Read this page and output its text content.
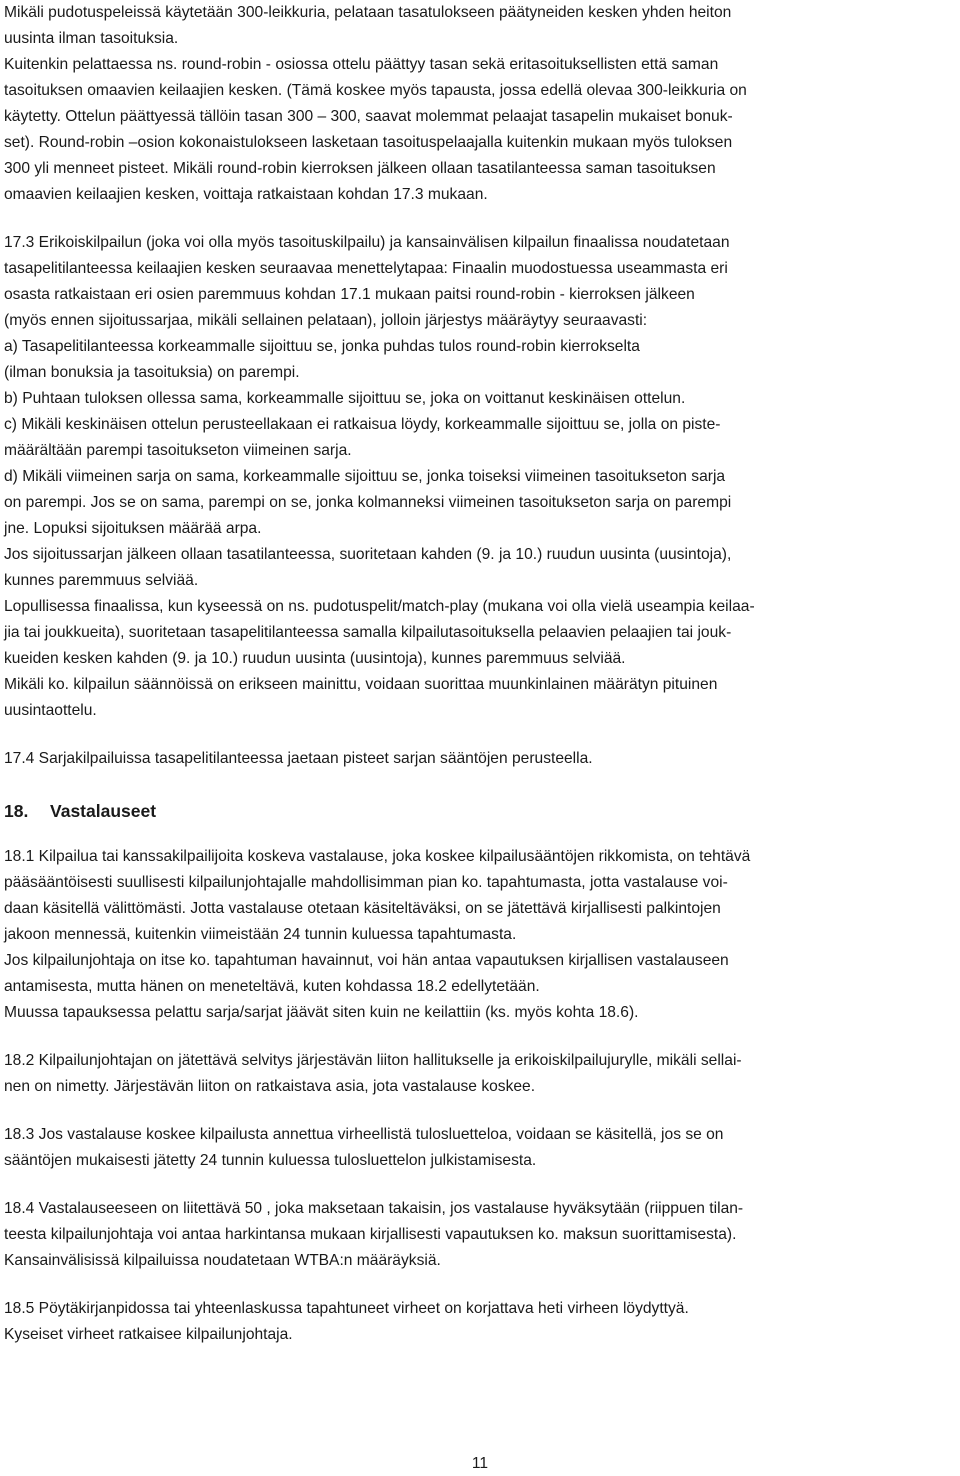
Mikäli pudotuspeleissä käytetään 300-leikkuria, pelataan tasatulokseen päätyneiden kesken yhden heiton
uusinta ilman tasoituksia.
Kuitenkin pelattaessa ns. round-robin - osiossa ottelu päättyy tasan sekä eritasoituksellisten että saman
tasoituksen omaavien keilaajien kesken. (Tämä koskee myös tapausta, jossa edellä olevaa 300-leikkuria on
käytetty. Ottelun päättyessä tällöin tasan 300 – 300, saavat molemmat pelaajat tasapelin mukaiset bonuk-
set). Round-robin –osion kokonaistulokseen lasketaan tasoituspelaajalla kuitenkin mukaan myös tuloksen
300 yli menneet pisteet. Mikäli round-robin kierroksen jälkeen ollaan tasatilanteessa saman tasoituksen
omaavien keilaajien kesken, voittaja ratkaistaan kohdan 17.3 mukaan.
17.3 Erikoiskilpailun (joka voi olla myös tasoituskilpailu) ja kansainvälisen kilpailun finaalissa noudatetaan
tasapelitilanteessa keilaajien kesken seuraavaa menettelytapaa: Finaalin muodostuessa useammasta eri
osasta ratkaistaan eri osien paremmuus kohdan 17.1 mukaan paitsi round-robin - kierroksen jälkeen
(myös ennen sijoitussarjaa, mikäli sellainen pelataan), jolloin järjestys määräytyy seuraavasti:
a) Tasapelitilanteessa korkeammalle sijoittuu se, jonka puhdas tulos round-robin kierrokselta
(ilman bonuksia ja tasoituksia) on parempi.
b) Puhtaan tuloksen ollessa sama, korkeammalle sijoittuu se, joka on voittanut keskinäisen ottelun.
c) Mikäli keskinäisen ottelun perusteellakaan ei ratkaisua löydy, korkeammalle sijoittuu se, jolla on piste-
määrältään parempi tasoitukseton viimeinen sarja.
d) Mikäli viimeinen sarja on sama, korkeammalle sijoittuu se, jonka toiseksi viimeinen tasoitukseton sarja
on parempi. Jos se on sama, parempi on se, jonka kolmanneksi viimeinen tasoitukseton sarja on parempi
jne. Lopuksi sijoituksen määrää arpa.
Jos sijoitussarjan jälkeen ollaan tasatilanteessa, suoritetaan kahden (9. ja 10.) ruudun uusinta (uusintoja),
kunnes paremmuus selviää.
Lopullisessa finaalissa, kun kyseessä on ns. pudotuspelit/match-play (mukana voi olla vielä useampia keilaa-
jia tai joukkueita), suoritetaan tasapelitilanteessa samalla kilpailutasoituksella pelaavien pelaajien tai jouk-
kueiden kesken kahden (9. ja 10.) ruudun uusinta (uusintoja), kunnes paremmuus selviää.
Mikäli ko. kilpailun säännöissä on erikseen mainittu, voidaan suorittaa muunkinlainen määrätyn pituinen
uusintaottelu.
17.4 Sarjakilpailuissa tasapelitilanteessa jaetaan pisteet sarjan sääntöjen perusteella.
18. Vastalauseet
18.1 Kilpailua tai kanssakilpailijoita koskeva vastalause, joka koskee kilpailusääntöjen rikkomista, on tehtävä
pääsääntöisesti suullisesti kilpailunjohtajalle mahdollisimman pian ko. tapahtumasta, jotta vastalause voi-
daan käsitellä välittömästi. Jotta vastalause otetaan käsiteltäväksi, on se jätettävä kirjallisesti palkintojen
jakoon mennessä, kuitenkin viimeistään 24 tunnin kuluessa tapahtumasta.
Jos kilpailunjohtaja on itse ko. tapahtuman havainnut, voi hän antaa vapautuksen kirjallisen vastalauseen
antamisesta, mutta hänen on meneteltävä, kuten kohdassa 18.2 edellytetään.
Muussa tapauksessa pelattu sarja/sarjat jäävät siten kuin ne keilattiin (ks. myös kohta 18.6).
18.2 Kilpailunjohtajan on jätettävä selvitys järjestävän liiton hallitukselle ja erikoiskilpailujurylle, mikäli sellai-
nen on nimetty. Järjestävän liiton on ratkaistava asia, jota vastalause koskee.
18.3 Jos vastalause koskee kilpailusta annettua virheellistä tulosluetteloa, voidaan se käsitellä, jos se on
sääntöjen mukaisesti jätetty 24 tunnin kuluessa tulosluettelon julkistamisesta.
18.4 Vastalauseeseen on liitettävä 50 , joka maksetaan takaisin, jos vastalause hyväksytään (riippuen tilan-
teesta kilpailunjohtaja voi antaa harkintansa mukaan kirjallisesti vapautuksen ko. maksun suorittamisesta).
Kansainvälisissä kilpailuissa noudatetaan WTBA:n määräyksiä.
18.5 Pöytäkirjanpidossa tai yhteenlaskussa tapahtuneet virheet on korjattava heti virheen löydyttyä.
Kyseiset virheet ratkaisee kilpailunjohtaja.
11
